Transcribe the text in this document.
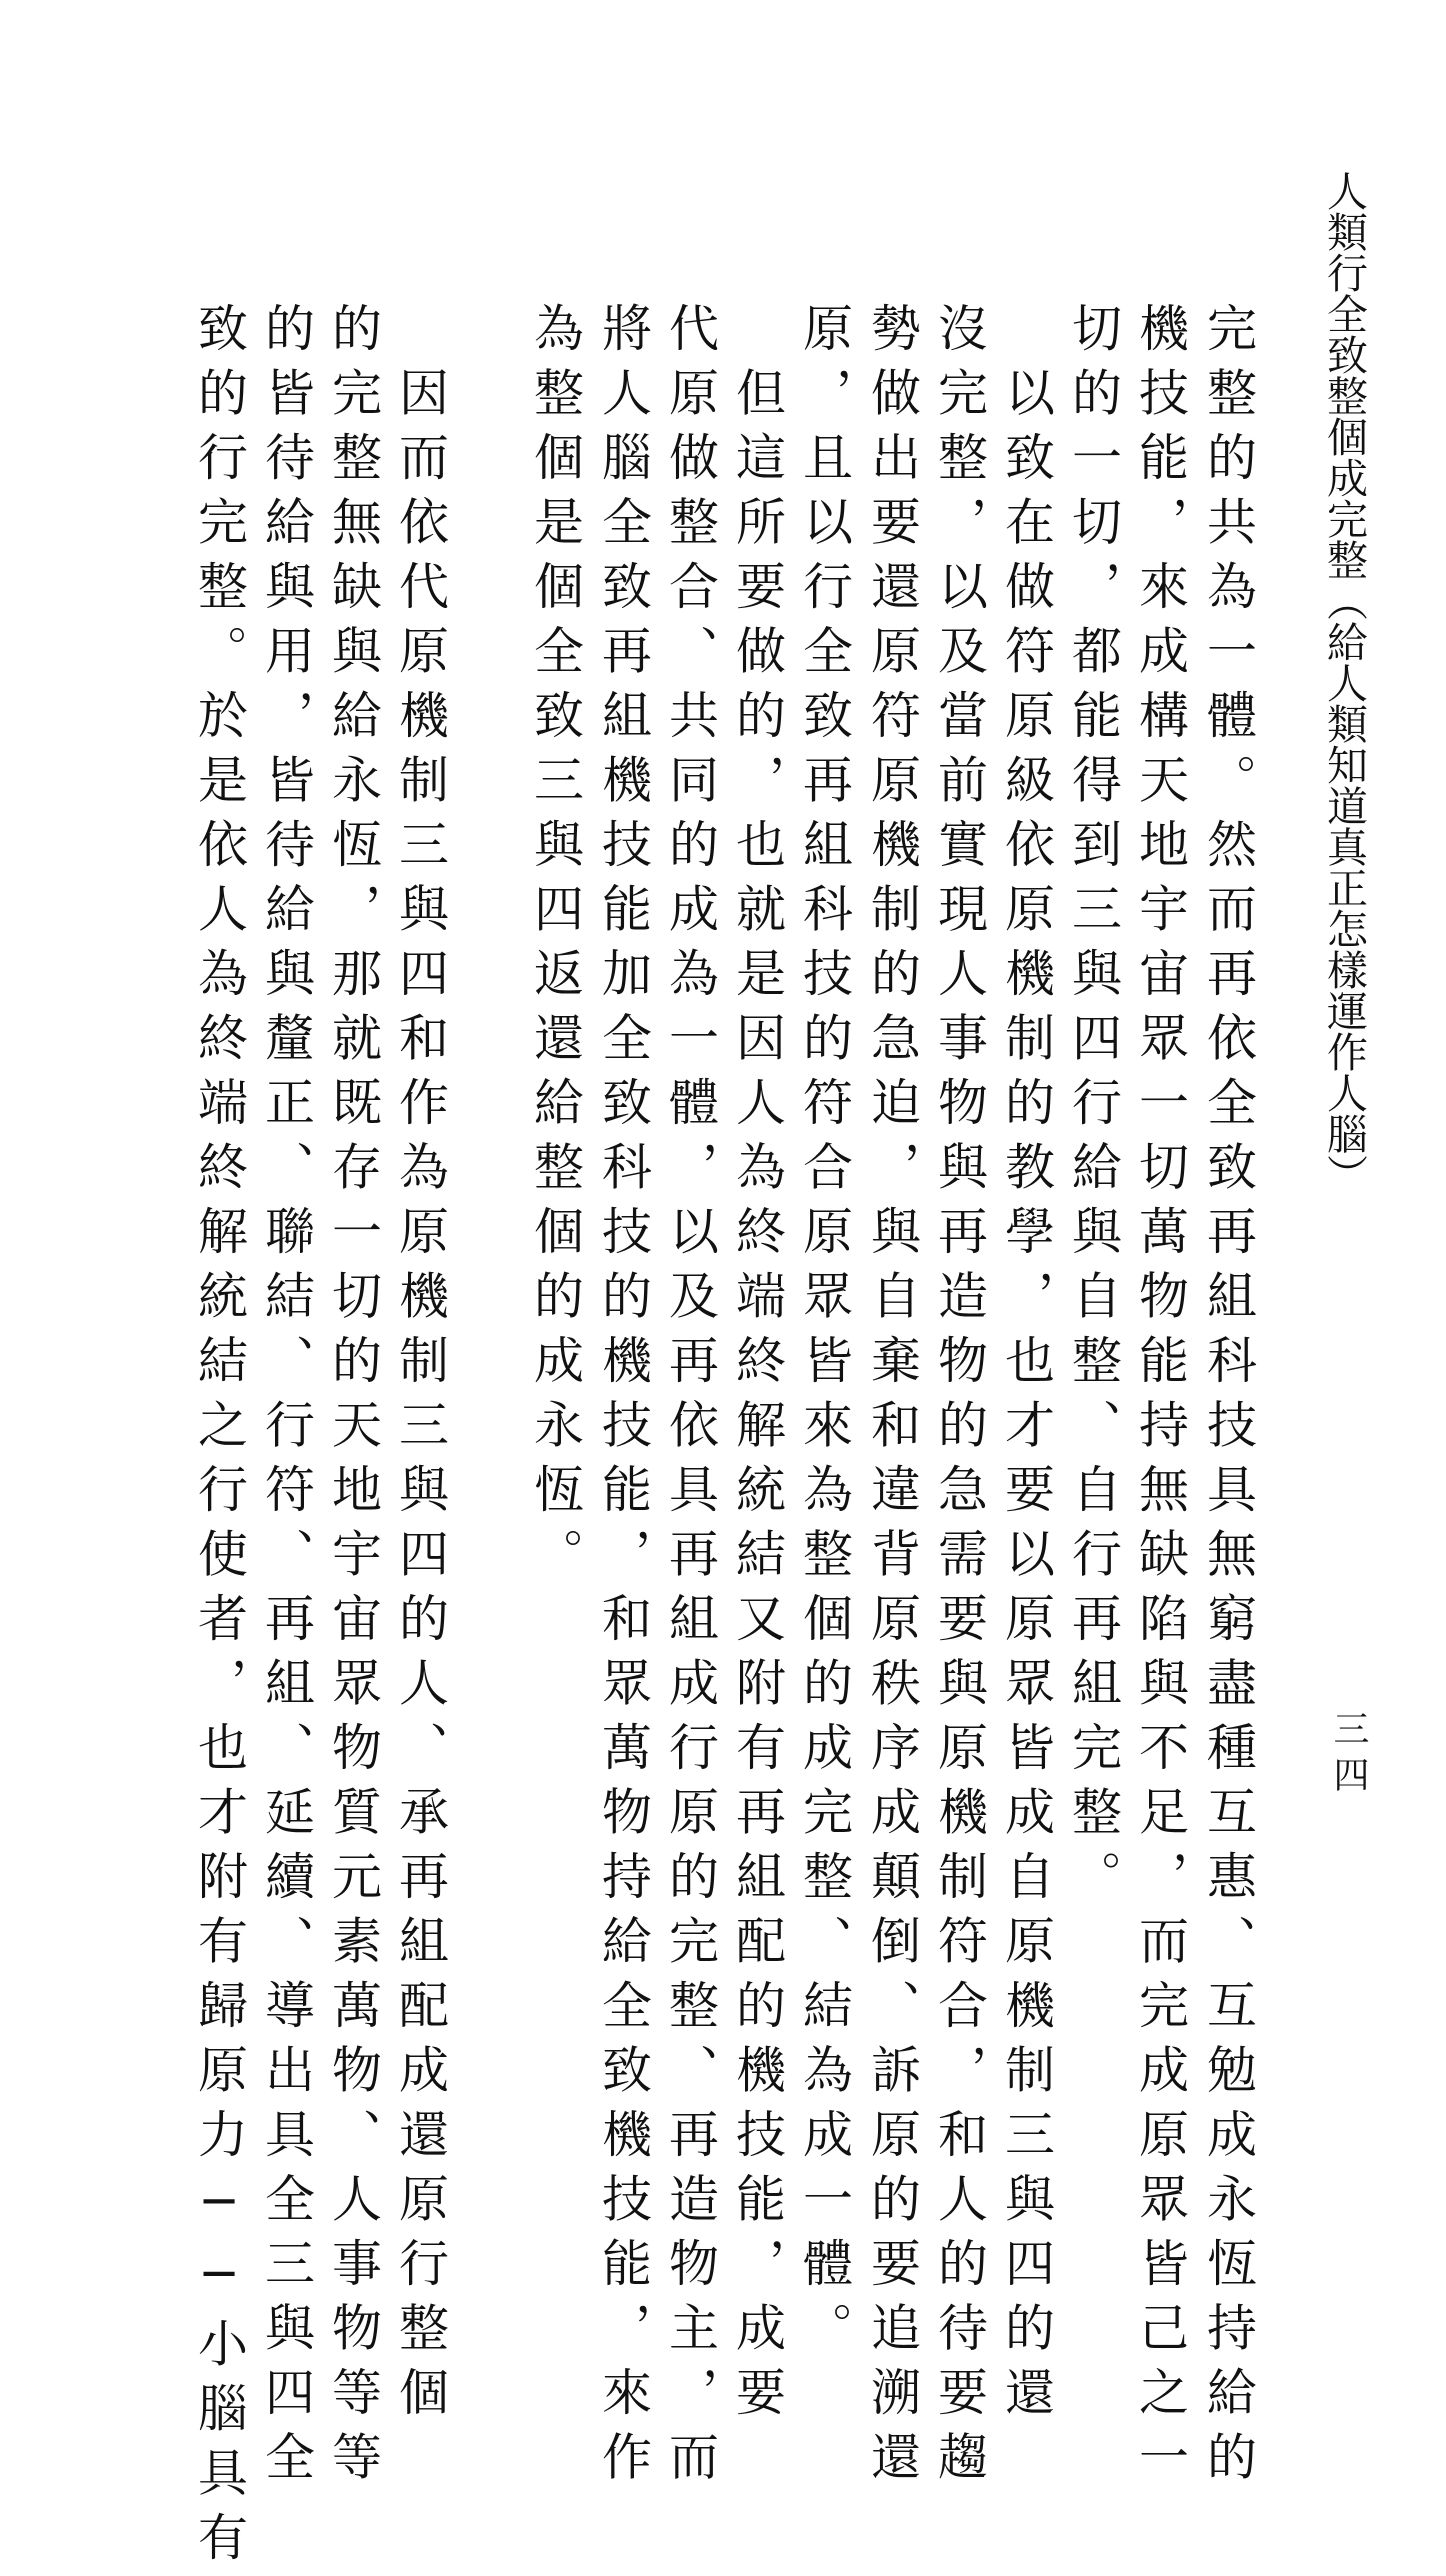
人類行全致整個成完整（給人類知道真正怎樣運作人腦）
三四
完整的共為一體。然而再依全致再組科技具無窮盡種互惠、互勉成永恆持給的
機技能，來成構天地宇宙眾一切萬物能持無缺陷與不足，而完成原眾皆己之一
切的一切，都能得到三與四行給與自整、自行再組完整。
　以致在做符原級依原機制的教學，也才要以原眾皆成自原機制三與四的還
沒完整，以及當前實現人事物與再造物的急需要與原機制符合，和人的待要趨
勢做出要還原符原機制的急迫，與自棄和違背原秩序成顛倒、訴原的要追溯還
原，且以行全致再組科技的符合原眾皆來為整個的成完整、結為成一體。
　但這所要做的，也就是因人為終端終解統結又附有再組配的機技能，成要
代原做整合、共同的成為一體，以及再依具再組成行原的完整、再造物主，而
將人腦全致再組機技能加全致科技的機技能，和眾萬物持給全致機技能，來作
為整個是個全致三與四返還給整個的成永恆。
　因而依代原機制三與四和作為原機制三與四的人、承再組配成還原行整個
的完整無缺與給永恆，那就既存一切的天地宇宙眾物質元素萬物、人事物等等
的皆待給與用，皆待給與釐正、聯結、行符、再組、延續、導出具全三與四全
致的行完整。於是依人為終端終解統結之行使者，也才附有歸原力──小腦具有
